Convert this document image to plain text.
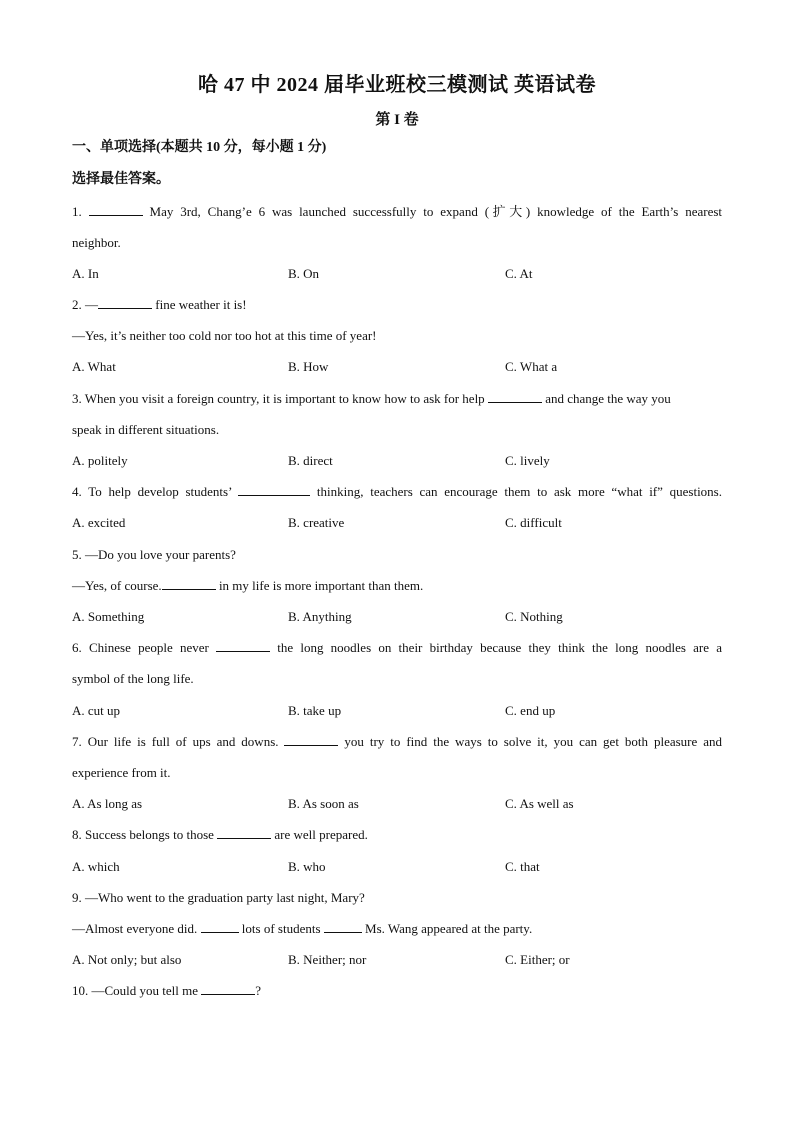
哈 47 中 2024 届毕业班校三模测试 英语试卷
第 I 卷
一、单项选择(本题共 10 分，每小题 1 分)
选择最佳答案。
1.	May 3rd, Chang’e 6 was launched successfully to expand (扩大) knowledge of the Earth’s nearest
neighbor.
A. In	B. On	C. At
2. —	fine weather it is!
—Yes, it’s neither too cold nor too hot at this time of year!
A. What	B. How	C. What a
3. When you visit a foreign country, it is important to know how to ask for help	and change the way you
speak in different situations.
A. politely	B. direct	C. lively
4. To help develop students’	thinking, teachers can encourage them to ask more “what if” questions.
A. excited	B. creative	C. difficult
5. —Do you love your parents?
—Yes, of course.	in my life is more important than them.
A. Something	B. Anything	C. Nothing
6. Chinese people never	the long noodles on their birthday because they think the long noodles are a
symbol of the long life.
A. cut up	B. take up	C. end up
7. Our life is full of ups and downs.	you try to find the ways to solve it, you can get both pleasure and
experience from it.
A. As long as	B. As soon as	C. As well as
8. Success belongs to those	are well prepared.
A. which	B. who	C. that
9. —Who went to the graduation party last night, Mary?
—Almost everyone did.	lots of students	Ms. Wang appeared at the party.
A. Not only; but also	B. Neither; nor	C. Either; or
10. —Could you tell me	?
